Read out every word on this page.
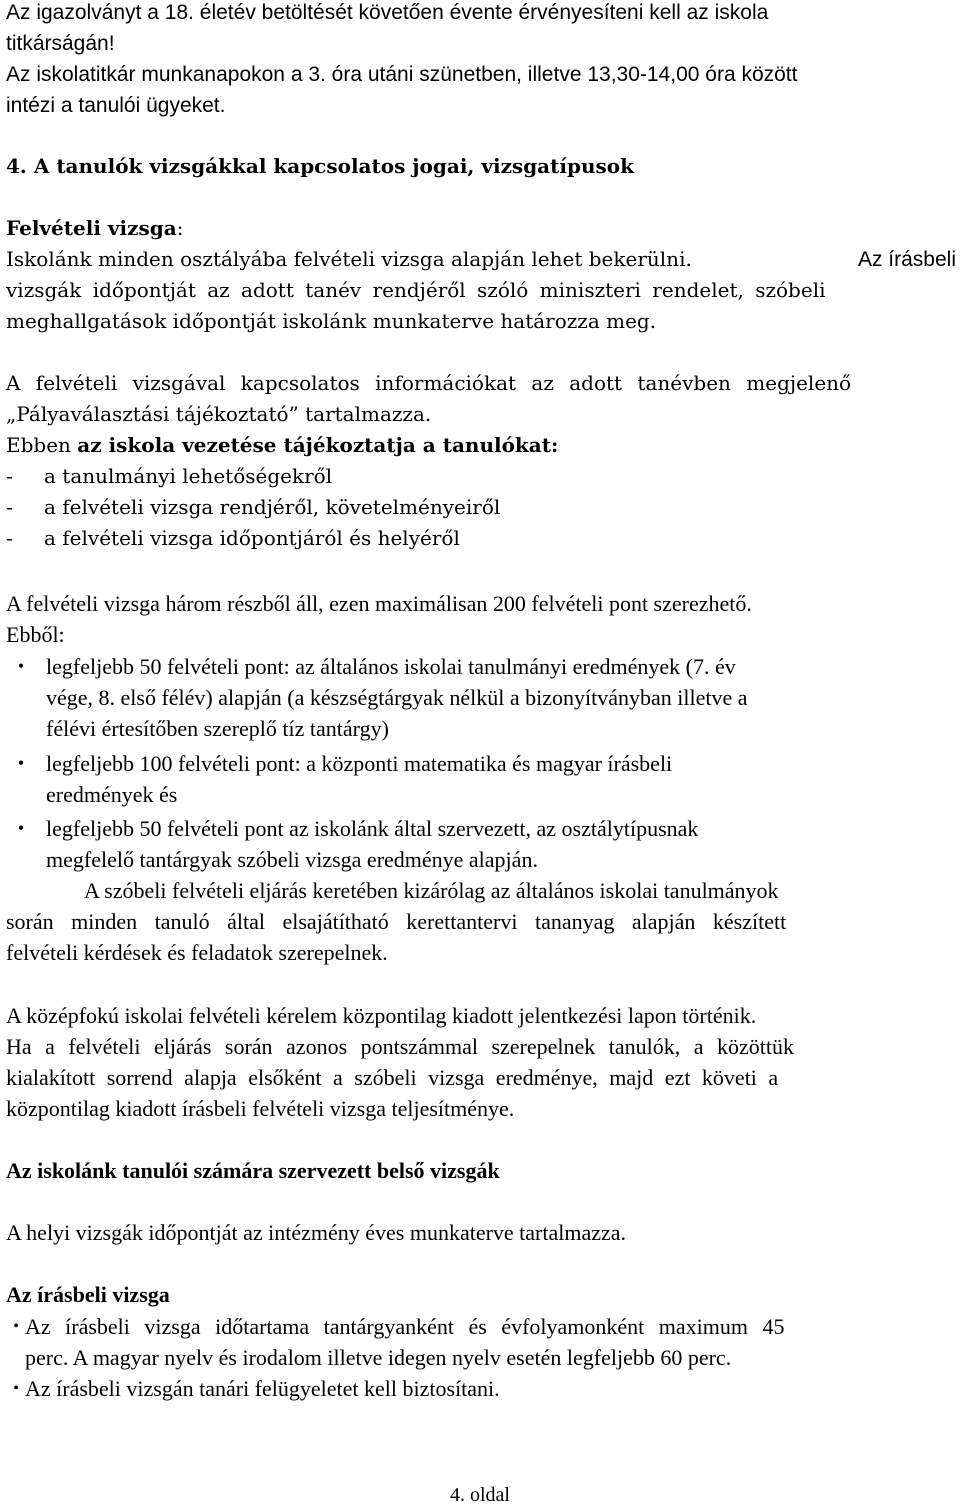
Az igazolványt a 18. életév betöltését követően évente érvényesíteni kell az iskola
titkárságán!
Az iskolatitkár munkanapokon a 3. óra utáni szünetben, illetve 13,30-14,00 óra között
intézi a tanulói ügyeket.
4. A tanulók vizsgákkal kapcsolatos jogai, vizsgatípusok
Felvételi vizsga:
Iskolánk minden osztályába felvételi vizsga alapján lehet bekerülni.	Az írásbeli
vizsgák időpontját az adott tanév rendjéről szóló miniszteri rendelet, szóbeli
meghallgatások időpontját iskolánk munkaterve határozza meg.
A felvételi vizsgával kapcsolatos információkat az adott tanévben megjelenő
„Pályaválasztási tájékoztató” tartalmazza.
Ebben az iskola vezetése tájékoztatja a tanulókat:
-	a tanulmányi lehetőségekről
-	a felvételi vizsga rendjéről, követelményeiről
-	a felvételi vizsga időpontjáról és helyéről
A felvételi vizsga három részből áll, ezen maximálisan 200 felvételi pont szerezhető.
Ebből:
• legfeljebb 50 felvételi pont: az általános iskolai tanulmányi eredmények (7. év
vége, 8. első félév) alapján (a készségtárgyak nélkül a bizonyítványban illetve a
félévi értesítőben szereplő tíz tantárgy)
• legfeljebb 100 felvételi pont: a központi matematika és magyar írásbeli
eredmények és
• legfeljebb 50 felvételi pont az iskolánk által szervezett, az osztálytípusnak
megfelelő tantárgyak szóbeli vizsga eredménye alapján.
A szóbeli felvételi eljárás keretében kizárólag az általános iskolai tanulmányok
során minden tanuló által elsajátítható kerettantervi tananyag alapján készített
felvételi kérdések és feladatok szerepelnek.
A középfokú iskolai felvételi kérelem központilag kiadott jelentkezési lapon történik.
Ha a felvételi eljárás során azonos pontszámmal szerepelnek tanulók, a közöttük
kialakított sorrend alapja elsőként a szóbeli vizsga eredménye, majd ezt követi a
központilag kiadott írásbeli felvételi vizsga teljesítménye.
Az iskolánk tanulói számára szervezett belső vizsgák
A helyi vizsgák időpontját az intézmény éves munkaterve tartalmazza.
Az írásbeli vizsga
• Az írásbeli vizsga időtartama tantárgyanként és évfolyamonként maximum 45
perc. A magyar nyelv és irodalom illetve idegen nyelv esetén legfeljebb 60 perc.
• Az írásbeli vizsgán tanári felügyeletet kell biztosítani.
4. oldal
